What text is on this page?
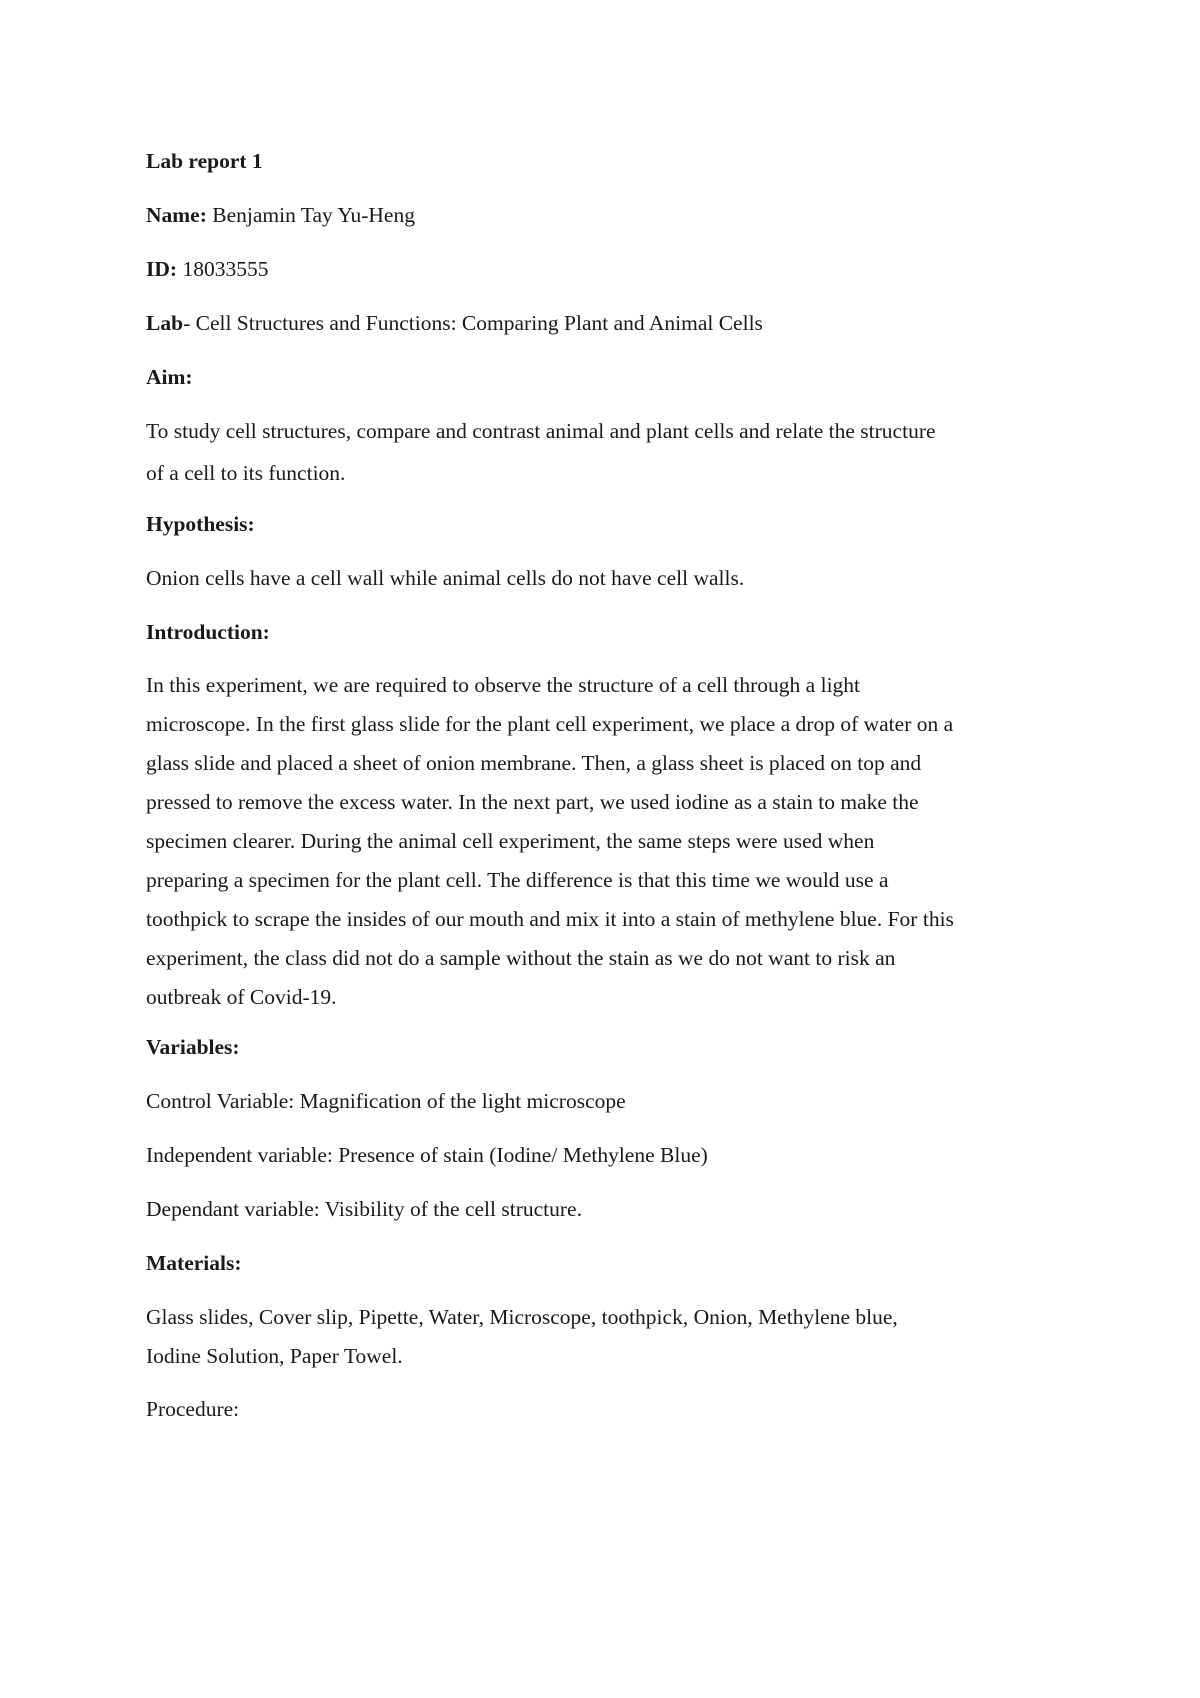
Lab report 1

Name: Benjamin Tay Yu-Heng

ID: 18033555

Lab- Cell Structures and Functions: Comparing Plant and Animal Cells

Aim:

To study cell structures, compare and contrast animal and plant cells and relate the structure
of a cell to its function.

Hypothesis:

Onion cells have a cell wall while animal cells do not have cell walls.

Introduction:

In this experiment, we are required to observe the structure of a cell through a light
microscope. In the first glass slide for the plant cell experiment, we place a drop of water on a
glass slide and placed a sheet of onion membrane. Then, a glass sheet is placed on top and
pressed to remove the excess water. In the next part, we used iodine as a stain to make the
specimen clearer. During the animal cell experiment, the same steps were used when
preparing a specimen for the plant cell. The difference is that this time we would use a
toothpick to scrape the insides of our mouth and mix it into a stain of methylene blue. For this
experiment, the class did not do a sample without the stain as we do not want to risk an
outbreak of Covid-19.

Variables:

Control Variable: Magnification of the light microscope

Independent variable: Presence of stain (Iodine/ Methylene Blue)

Dependant variable: Visibility of the cell structure.

Materials:

Glass slides, Cover slip, Pipette, Water, Microscope, toothpick, Onion, Methylene blue,
Iodine Solution, Paper Towel.

Procedure:
